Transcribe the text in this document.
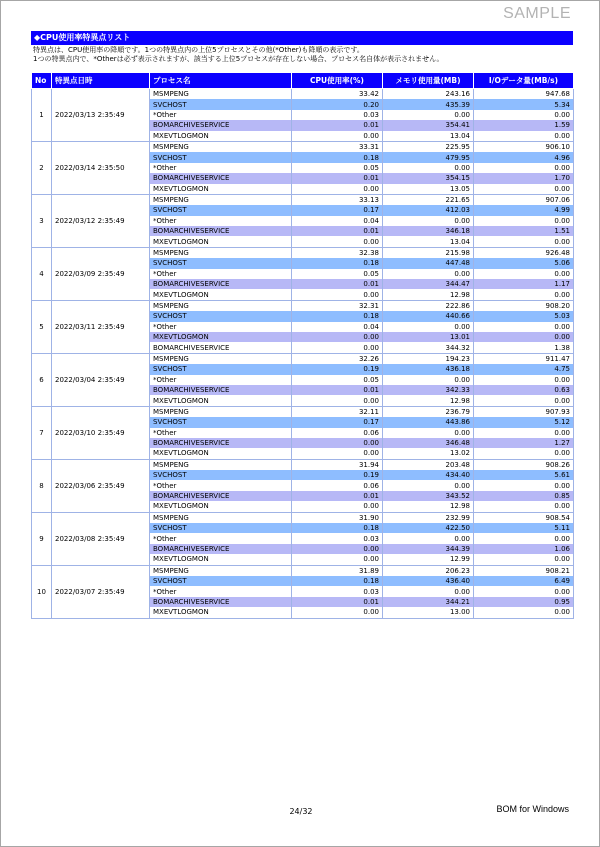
SAMPLE
◆CPU使用率特異点リスト
特異点は、CPU使用率の降順です。1つの特異点内の上位5プロセスとその他(*Other)も降順の表示です。
1つの特異点内で、*Otherは必ず表示されますが、該当する上位5プロセスが存在しない場合、プロセス名自体が表示されません。
No	特異点日時	プロセス名	CPU使用率(%)	メモリ使用量(MB)	I/Oデータ量(MB/s)
1	2022/03/13 2:35:49	MSMPENG	33.42	243.16	947.68
		SVCHOST	0.20	435.39	5.34
		*Other	0.03	0.00	0.00
		BOMARCHIVESERVICE	0.01	354.41	1.59
		MXEVTLOGMON	0.00	13.04	0.00
2	2022/03/14 2:35:50	MSMPENG	33.31	225.95	906.10
		SVCHOST	0.18	479.95	4.96
		*Other	0.05	0.00	0.00
		BOMARCHIVESERVICE	0.01	354.15	1.70
		MXEVTLOGMON	0.00	13.05	0.00
3	2022/03/12 2:35:49	MSMPENG	33.13	221.65	907.06
		SVCHOST	0.17	412.03	4.99
		*Other	0.04	0.00	0.00
		BOMARCHIVESERVICE	0.01	346.18	1.51
		MXEVTLOGMON	0.00	13.04	0.00
4	2022/03/09 2:35:49	MSMPENG	32.38	215.98	926.48
		SVCHOST	0.18	447.48	5.06
		*Other	0.05	0.00	0.00
		BOMARCHIVESERVICE	0.01	344.47	1.17
		MXEVTLOGMON	0.00	12.98	0.00
5	2022/03/11 2:35:49	MSMPENG	32.31	222.86	908.20
		SVCHOST	0.18	440.66	5.03
		*Other	0.04	0.00	0.00
		MXEVTLOGMON	0.00	13.01	0.00
		BOMARCHIVESERVICE	0.00	344.32	1.38
6	2022/03/04 2:35:49	MSMPENG	32.26	194.23	911.47
		SVCHOST	0.19	436.18	4.75
		*Other	0.05	0.00	0.00
		BOMARCHIVESERVICE	0.01	342.33	0.63
		MXEVTLOGMON	0.00	12.98	0.00
7	2022/03/10 2:35:49	MSMPENG	32.11	236.79	907.93
		SVCHOST	0.17	443.86	5.12
		*Other	0.06	0.00	0.00
		BOMARCHIVESERVICE	0.00	346.48	1.27
		MXEVTLOGMON	0.00	13.02	0.00
8	2022/03/06 2:35:49	MSMPENG	31.94	203.48	908.26
		SVCHOST	0.19	434.40	5.61
		*Other	0.06	0.00	0.00
		BOMARCHIVESERVICE	0.01	343.52	0.85
		MXEVTLOGMON	0.00	12.98	0.00
9	2022/03/08 2:35:49	MSMPENG	31.90	232.99	908.54
		SVCHOST	0.18	422.50	5.11
		*Other	0.03	0.00	0.00
		BOMARCHIVESERVICE	0.00	344.39	1.06
		MXEVTLOGMON	0.00	12.99	0.00
10	2022/03/07 2:35:49	MSMPENG	31.89	206.23	908.21
		SVCHOST	0.18	436.40	6.49
		*Other	0.03	0.00	0.00
		BOMARCHIVESERVICE	0.01	344.21	0.95
		MXEVTLOGMON	0.00	13.00	0.00
24/32	BOM for Windows
